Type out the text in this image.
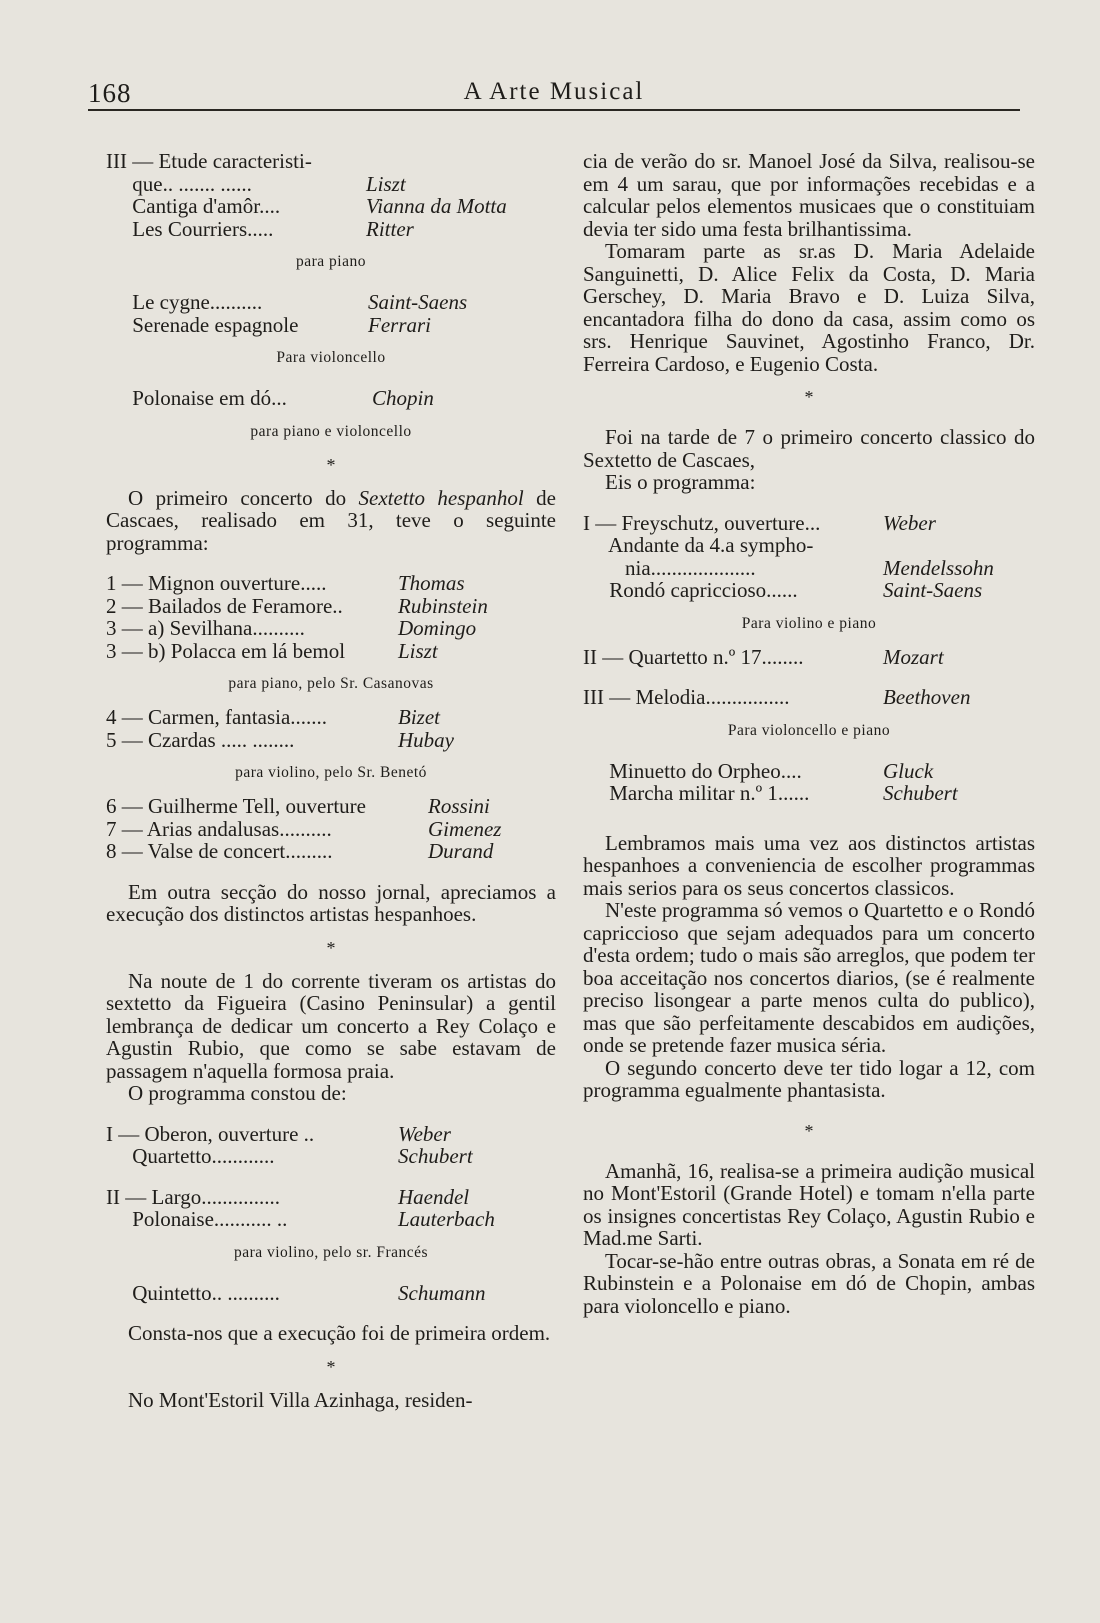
168	A Arte Musical
III — Etude caracteristi-
que.. ....... ......	Liszt
Cantiga d'amôr....	Vianna da Motta
Les Courriers.....	Ritter
para piano
Le cygne..........	Saint-Saens
Serenade espagnole	Ferrari
Para violoncello
Polonaise em dó...	Chopin
para piano e violoncello
*

O primeiro concerto do Sextetto hespanhol de Cascaes, realisado em 31, teve o seguinte programma:

1 — Mignon ouverture.....	Thomas
2 — Bailados de Feramore..	Rubinstein
3 — a) Sevilhana..........	Domingo
3 — b) Polacca em lá bemol	Liszt
para piano, pelo Sr. Casanovas
4 — Carmen, fantasia.......	Bizet
5 — Czardas ..... ........	Hubay
para violino, pelo Sr. Benetó
6 — Guilherme Tell, ouverture	Rossini
7 — Arias andalusas..........	Gimenez
8 — Valse de concert.........	Durand

Em outra secção do nosso jornal, apreciamos a execução dos distinctos artistas hespanhoes.

*

Na noute de 1 do corrente tiveram os artistas do sextetto da Figueira (Casino Peninsular) a gentil lembrança de dedicar um concerto a Rey Colaço e Agustin Rubio, que como se sabe estavam de passagem n'aquella formosa praia.

O programma constou de:

I — Oberon, ouverture ..	Weber
Quartetto............	Schubert
II — Largo...............	Haendel
Polonaise........... ..	Lauterbach
para violino, pelo sr. Francés
Quintetto.. ..........	Schumann

Consta-nos que a execução foi de primeira ordem.

*

No Mont'Estoril Villa Azinhaga, residen-

cia de verão do sr. Manoel José da Silva, realisou-se em 4 um sarau, que por informações recebidas e a calcular pelos elementos musicaes que o constituiam devia ter sido uma festa brilhantissima.

Tomaram parte as sr.as D. Maria Adelaide Sanguinetti, D. Alice Felix da Costa, D. Maria Gerschey, D. Maria Bravo e D. Luiza Silva, encantadora filha do dono da casa, assim como os srs. Henrique Sauvinet, Agostinho Franco, Dr. Ferreira Cardoso, e Eugenio Costa.

*

Foi na tarde de 7 o primeiro concerto classico do Sextetto de Cascaes,

Eis o programma:

I — Freyschutz, ouverture...	Weber
Andante da 4.a sympho-
nia....................	Mendelssohn
Rondó capriccioso......	Saint-Saens
Para violino e piano
II — Quartetto n.º 17........	Mozart
III — Melodia................	Beethoven
Para violoncello e piano
Minuetto do Orpheo....	Gluck
Marcha militar n.º 1......	Schubert

Lembramos mais uma vez aos distinctos artistas hespanhoes a conveniencia de escolher programmas mais serios para os seus concertos classicos.

N'este programma só vemos o Quartetto e o Rondó capriccioso que sejam adequados para um concerto d'esta ordem; tudo o mais são arreglos, que podem ter boa acceitação nos concertos diarios, (se é realmente preciso lisongear a parte menos culta do publico), mas que são perfeitamente descabidos em audições, onde se pretende fazer musica séria.

O segundo concerto deve ter tido logar a 12, com programma egualmente phantasista.

*

Amanhã, 16, realisa-se a primeira audição musical no Mont'Estoril (Grande Hotel) e tomam n'ella parte os insignes concertistas Rey Colaço, Agustin Rubio e Mad.me Sarti.

Tocar-se-hão entre outras obras, a Sonata em ré de Rubinstein e a Polonaise em dó de Chopin, ambas para violoncello e piano.
